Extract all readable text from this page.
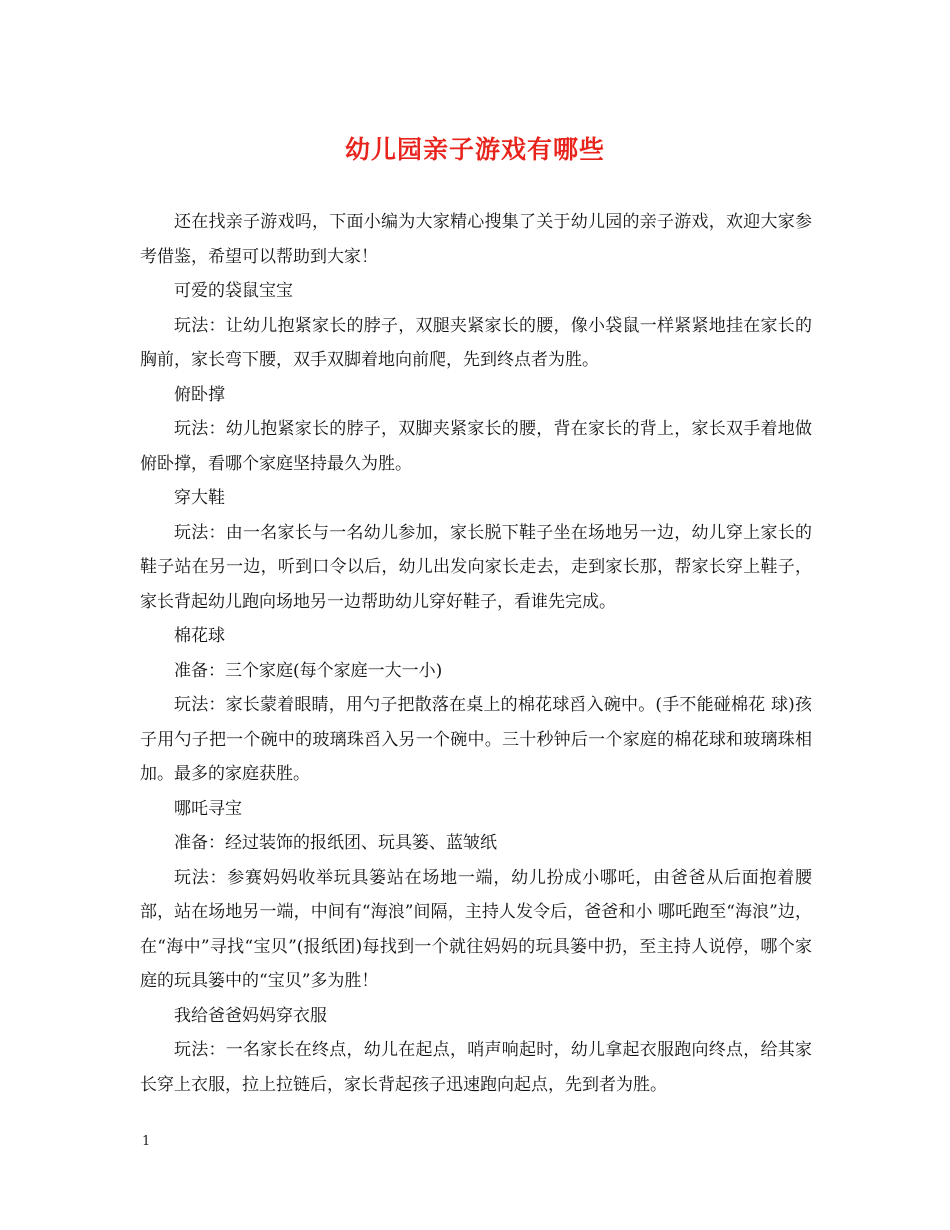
幼儿园亲子游戏有哪些

还在找亲子游戏吗，下面小编为大家精心搜集了关于幼儿园的亲子游戏，欢迎大家参考借鉴，希望可以帮助到大家！

可爱的袋鼠宝宝

玩法：让幼儿抱紧家长的脖子，双腿夹紧家长的腰，像小袋鼠一样紧紧地挂在家长的胸前，家长弯下腰，双手双脚着地向前爬，先到终点者为胜。

俯卧撑

玩法：幼儿抱紧家长的脖子，双脚夹紧家长的腰，背在家长的背上，家长双手着地做俯卧撑，看哪个家庭坚持最久为胜。

穿大鞋

玩法：由一名家长与一名幼儿参加，家长脱下鞋子坐在场地另一边，幼儿穿上家长的鞋子站在另一边，听到口令以后，幼儿出发向家长走去，走到家长那，帮家长穿上鞋子，家长背起幼儿跑向场地另一边帮助幼儿穿好鞋子，看谁先完成。

棉花球

准备：三个家庭(每个家庭一大一小)

玩法：家长蒙着眼睛，用勺子把散落在桌上的棉花球舀入碗中。(手不能碰棉花 球)孩子用勺子把一个碗中的玻璃珠舀入另一个碗中。三十秒钟后一个家庭的棉花球和玻璃珠相加。最多的家庭获胜。

哪吒寻宝

准备：经过装饰的报纸团、玩具篓、蓝皱纸

玩法：参赛妈妈收举玩具篓站在场地一端，幼儿扮成小哪吒，由爸爸从后面抱着腰部，站在场地另一端，中间有“海浪”间隔，主持人发令后，爸爸和小 哪吒跑至“海浪”边，在“海中”寻找“宝贝”(报纸团)每找到一个就往妈妈的玩具篓中扔，至主持人说停，哪个家庭的玩具篓中的“宝贝”多为胜！

我给爸爸妈妈穿衣服

玩法：一名家长在终点，幼儿在起点，哨声响起时，幼儿拿起衣服跑向终点，给其家长穿上衣服，拉上拉链后，家长背起孩子迅速跑向起点，先到者为胜。

1
